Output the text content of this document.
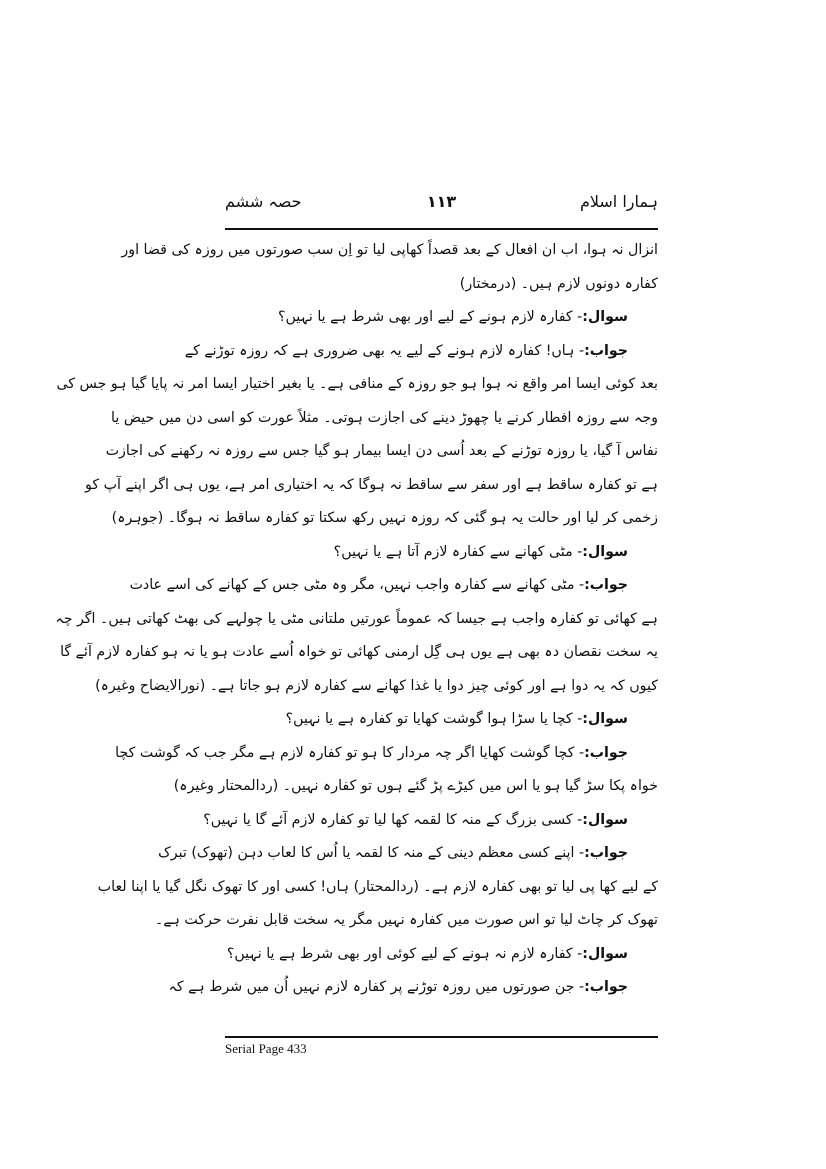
ہمارا اسلام
۱۱۳
حصہ ششم
انزال نہ ہوا، اب ان افعال کے بعد قصداً کھاپی لیا تو اِن سب صورتوں میں روزہ کی قضا اور
کفارہ دونوں لازم ہیں۔ (درمختار)
سوال:- کفارہ لازم ہونے کے لیے اور بھی شرط ہے یا نہیں؟
جواب:- ہاں! کفارہ لازم ہونے کے لیے یہ بھی ضروری ہے کہ روزہ توڑنے کے
بعد کوئی ایسا امر واقع نہ ہوا ہو جو روزہ کے منافی ہے۔ یا بغیر اختیار ایسا امر نہ پایا گیا ہو جس کی
وجہ سے روزہ افطار کرنے یا چھوڑ دینے کی اجازت ہوتی۔ مثلاً عورت کو اسی دن میں حیض یا
نفاس آ گیا، یا روزہ توڑنے کے بعد اُسی دن ایسا بیمار ہو گیا جس سے روزہ نہ رکھنے کی اجازت
ہے تو کفارہ ساقط ہے اور سفر سے ساقط نہ ہوگا کہ یہ اختیاری امر ہے، یوں ہی اگر اپنے آپ کو
زخمی کر لیا اور حالت یہ ہو گئی کہ روزہ نہیں رکھ سکتا تو کفارہ ساقط نہ ہوگا۔ (جوہرہ)
سوال:- مٹی کھانے سے کفارہ لازم آتا ہے یا نہیں؟
جواب:- مٹی کھانے سے کفارہ واجب نہیں، مگر وہ مٹی جس کے کھانے کی اسے عادت
ہے کھائی تو کفارہ واجب ہے جیسا کہ عموماً عورتیں ملتانی مٹی یا چولہے کی بھٹ کھاتی ہیں۔ اگر چہ
یہ سخت نقصان دہ بھی ہے یوں ہی گِل ارمنی کھائی تو خواہ اُسے عادت ہو یا نہ ہو کفارہ لازم آئے گا
کیوں کہ یہ دوا ہے اور کوئی چیز دوا یا غذا کھانے سے کفارہ لازم ہو جاتا ہے۔ (نورالایضاح وغیرہ)
سوال:- کچا یا سڑا ہوا گوشت کھایا تو کفارہ ہے یا نہیں؟
جواب:- کچا گوشت کھایا اگر چہ مردار کا ہو تو کفارہ لازم ہے مگر جب کہ گوشت کچا
خواہ پکا سڑ گیا ہو یا اس میں کیڑے پڑ گئے ہوں تو کفارہ نہیں۔ (ردالمحتار وغیرہ)
سوال:- کسی بزرگ کے منہ کا لقمہ کھا لیا تو کفارہ لازم آئے گا یا نہیں؟
جواب:- اپنے کسی معظم دینی کے منہ کا لقمہ یا اُس کا لعاب دہن (تھوک) تبرک
کے لیے کھا پی لیا تو بھی کفارہ لازم ہے۔ (ردالمحتار) ہاں! کسی اور کا تھوک نگل گیا یا اپنا لعاب
تھوک کر چاٹ لیا تو اس صورت میں کفارہ نہیں مگر یہ سخت قابل نفرت حرکت ہے۔
سوال:- کفارہ لازم نہ ہونے کے لیے کوئی اور بھی شرط ہے یا نہیں؟
جواب:- جن صورتوں میں روزہ توڑنے پر کفارہ لازم نہیں اُن میں شرط ہے کہ
Serial Page 433
